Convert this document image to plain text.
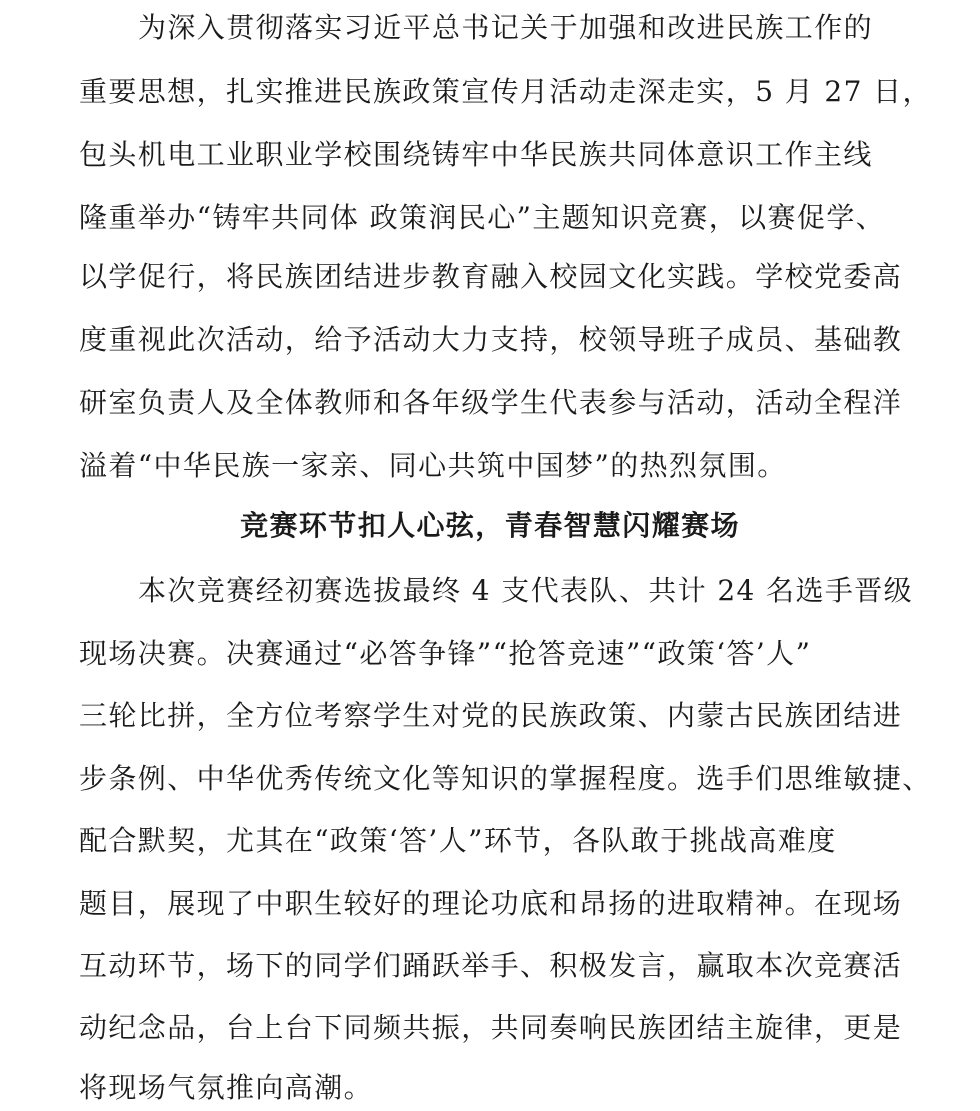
为深入贯彻落实习近平总书记关于加强和改进民族工作的
重要思想，扎实推进民族政策宣传月活动走深走实，5 月 27 日，
包头机电工业职业学校围绕铸牢中华民族共同体意识工作主线
隆重举办“铸牢共同体 政策润民心”主题知识竞赛，以赛促学、
以学促行，将民族团结进步教育融入校园文化实践。学校党委高
度重视此次活动，给予活动大力支持，校领导班子成员、基础教
研室负责人及全体教师和各年级学生代表参与活动，活动全程洋
溢着“中华民族一家亲、同心共筑中国梦”的热烈氛围。
竞赛环节扣人心弦，青春智慧闪耀赛场
本次竞赛经初赛选拔最终 4 支代表队、共计 24 名选手晋级
现场决赛。决赛通过“必答争锋”“抢答竞速”“政策‘答’人”
三轮比拼，全方位考察学生对党的民族政策、内蒙古民族团结进
步条例、中华优秀传统文化等知识的掌握程度。选手们思维敏捷、
配合默契，尤其在“政策‘答’人”环节，各队敢于挑战高难度
题目，展现了中职生较好的理论功底和昂扬的进取精神。在现场
互动环节，场下的同学们踊跃举手、积极发言，赢取本次竞赛活
动纪念品，台上台下同频共振，共同奏响民族团结主旋律，更是
将现场气氛推向高潮。
